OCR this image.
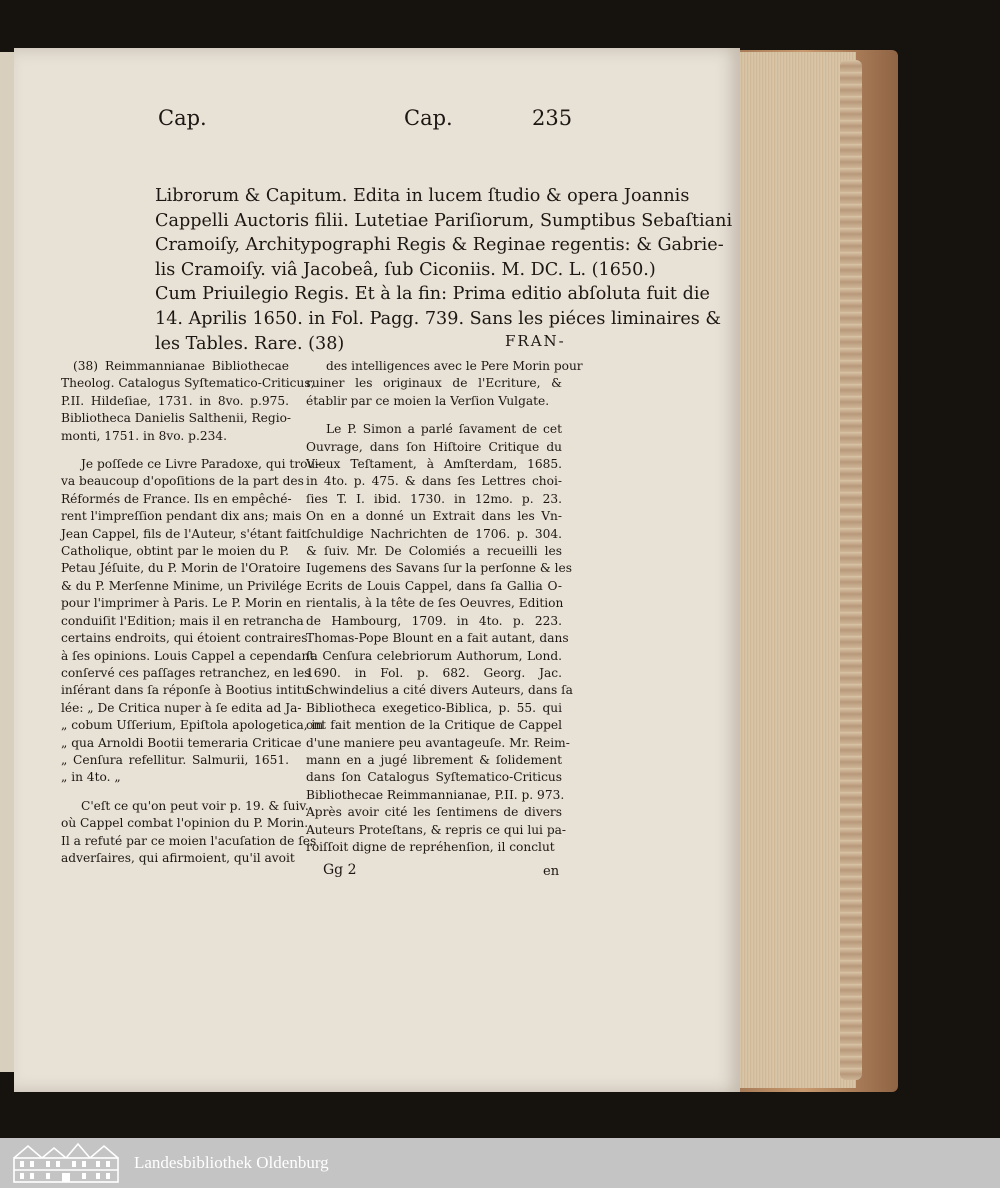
Cap.	Cap.	235
Librorum & Capitum. Edita in lucem ſtudio & opera Joannis
Cappelli Auctoris filii. Lutetiae Pariſiorum, Sumptibus Sebaſtiani
Cramoiſy, Architypographi Regis & Reginae regentis: & Gabrie-
lis Cramoiſy. viâ Jacobeâ, ſub Ciconiis. M. DC. L. (1650.)
Cum Priuilegio Regis. Et à la fin: Prima editio abſoluta fuit die
14. Aprilis 1650. in Fol. Pagg. 739. Sans les piéces liminaires &
les Tables. Rare. (38)	FRAN-
(38) Reimmannianae Bibliothecae
Theolog. Catalogus Syſtematico-Criticus,
P.II. Hildeſiae, 1731. in 8vo. p.975.
Bibliotheca Danielis Salthenii, Regio-
monti, 1751. in 8vo. p.234.
Je poſſede ce Livre Paradoxe, qui trou-
va beaucoup d'opoſitions de la part des
Réformés de France. Ils en empêché-
rent l'impreſſion pendant dix ans; mais
Jean Cappel, fils de l'Auteur, s'étant fait
Catholique, obtint par le moien du P.
Petau Jéſuite, du P. Morin de l'Oratoire
& du P. Merſenne Minime, un Privilége
pour l'imprimer à Paris. Le P. Morin en
conduiſit l'Edition; mais il en retrancha
certains endroits, qui étoient contraires
à ſes opinions. Louis Cappel a cependant
conſervé ces paſſages retranchez, en les
inſérant dans ſa réponſe à Bootius intitu-
lée: „ De Critica nuper à ſe edita ad Ja-
„ cobum Uſſerium, Epiſtola apologetica, in
„ qua Arnoldi Bootii temeraria Criticae
„ Cenſura refellitur. Salmurii, 1651.
„ in 4to. „
C'eſt ce qu'on peut voir p. 19. & ſuiv.
où Cappel combat l'opinion du P. Morin.
Il a refuté par ce moien l'acuſation de ſes
adverſaires, qui afirmoient, qu'il avoit
des intelligences avec le Pere Morin pour
ruiner les originaux de l'Ecriture, &
établir par ce moien la Verſion Vulgate.
Le P. Simon a parlé ſavament de cet
Ouvrage, dans ſon Hiſtoire Critique du
Vieux Teſtament, à Amſterdam, 1685.
in 4to. p. 475. & dans ſes Lettres choi-
ſies T. I. ibid. 1730. in 12mo. p. 23.
On en a donné un Extrait dans les Vn-
ſchuldige Nachrichten de 1706. p. 304.
& ſuiv. Mr. De Colomiés a recueilli les
Iugemens des Savans ſur la perſonne & les
Ecrits de Louis Cappel, dans ſa Gallia O-
rientalis, à la tête de ſes Oeuvres, Edition
de Hambourg, 1709. in 4to. p. 223.
Thomas-Pope Blount en a fait autant, dans
ſa Cenſura celebriorum Authorum, Lond.
1690. in Fol. p. 682. Georg. Jac.
Schwindelius a cité divers Auteurs, dans ſa
Bibliotheca exegetico-Biblica, p. 55. qui
ont fait mention de la Critique de Cappel
d'une maniere peu avantageuſe. Mr. Reim-
mann en a jugé librement & ſolidement
dans ſon Catalogus Syſtematico-Criticus
Bibliothecae Reimmannianae, P.II. p. 973.
Après avoir cité les ſentimens de divers
Auteurs Proteſtans, & repris ce qui lui pa-
roiſſoit digne de repréhenſion, il conclut
Gg 2	en
Landesbibliothek Oldenburg
